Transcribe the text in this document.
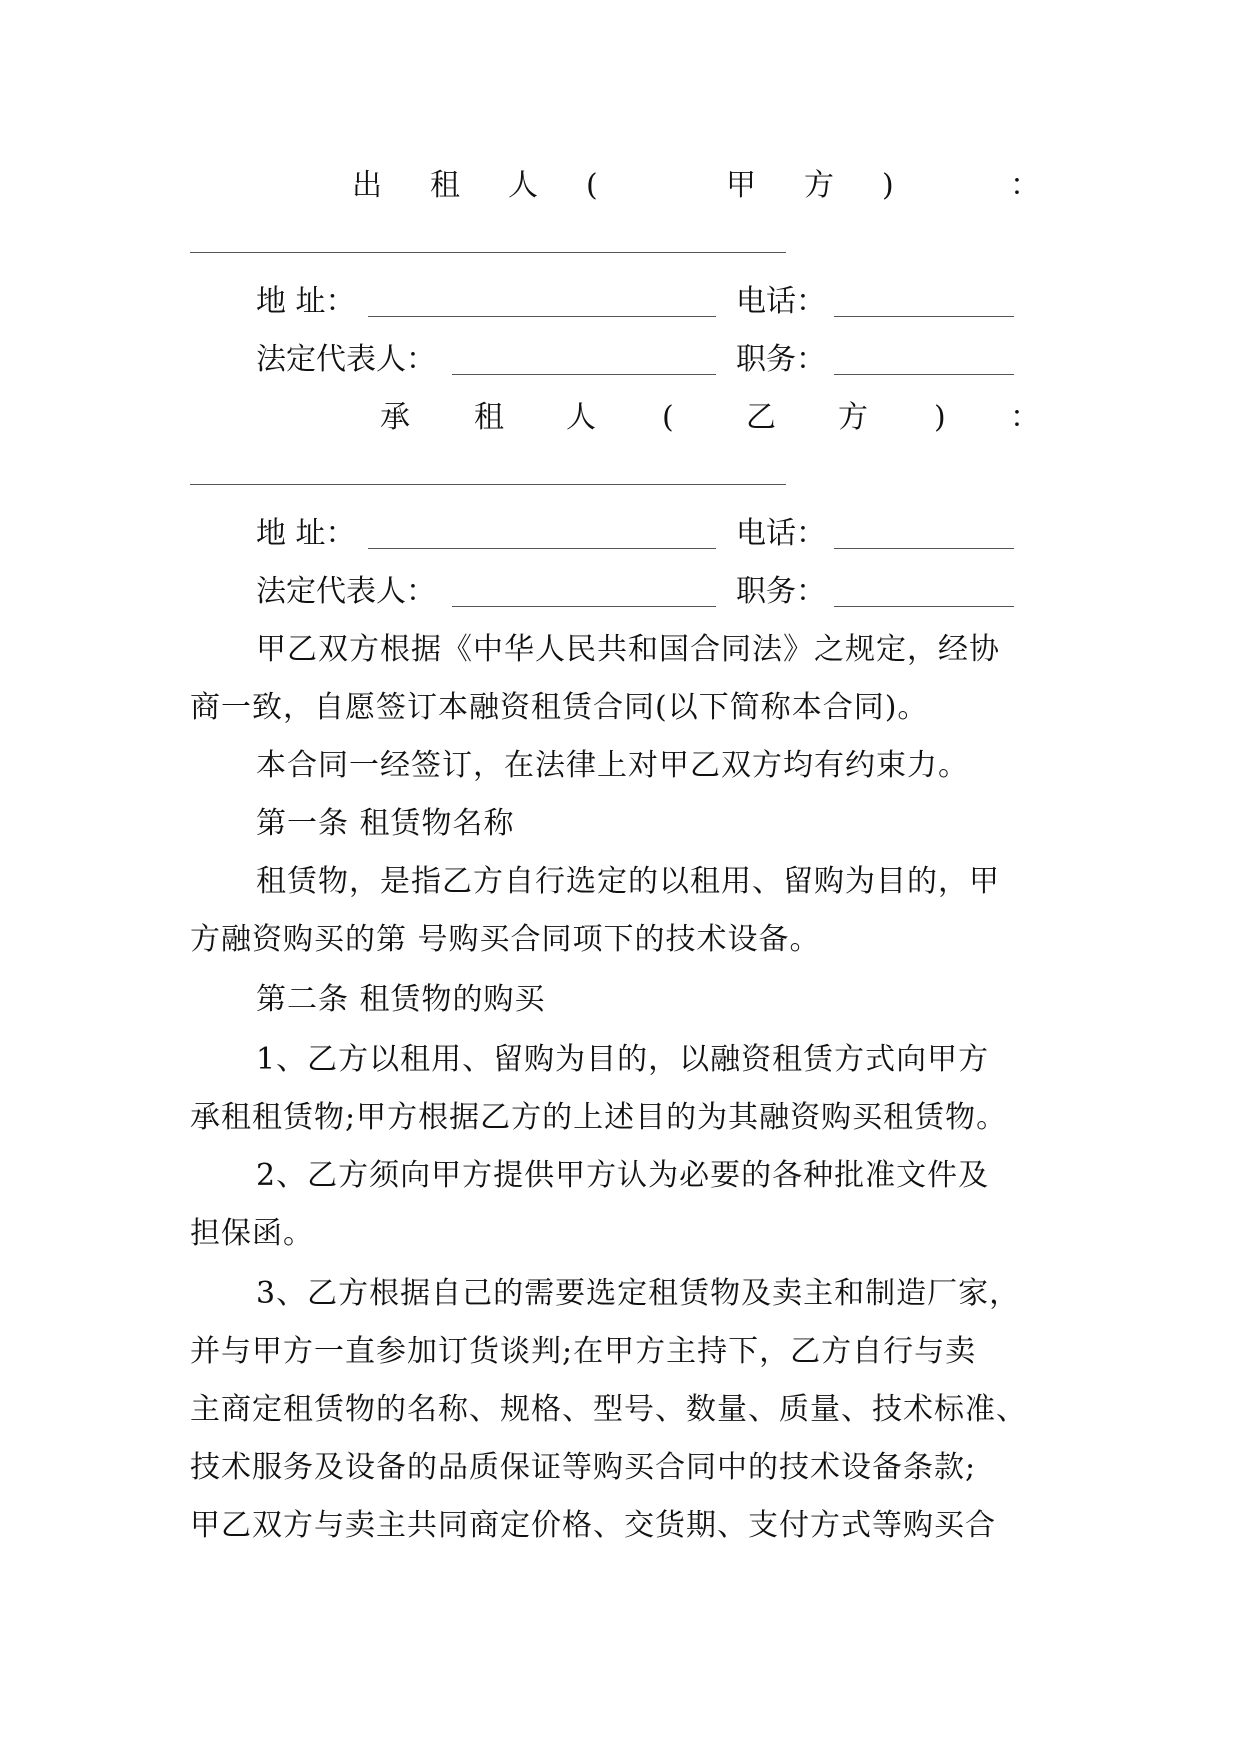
出 租 人 (	甲 方 )	：
地 址：	电话：
法定代表人：	职务：
承 租 人 ( 乙 方 ) ：
地 址：	电话：
法定代表人：	职务：
甲乙双方根据《中华人民共和国合同法》之规定，经协
商一致，自愿签订本融资租赁合同(以下简称本合同)。
本合同一经签订，在法律上对甲乙双方均有约束力。
第一条 租赁物名称
租赁物，是指乙方自行选定的以租用、留购为目的，甲
方融资购买的第 号购买合同项下的技术设备。
第二条 租赁物的购买
1、乙方以租用、留购为目的，以融资租赁方式向甲方
承租租赁物;甲方根据乙方的上述目的为其融资购买租赁物。
2、乙方须向甲方提供甲方认为必要的各种批准文件及
担保函。
3、乙方根据自己的需要选定租赁物及卖主和制造厂家，
并与甲方一直参加订货谈判;在甲方主持下，乙方自行与卖
主商定租赁物的名称、规格、型号、数量、质量、技术标准、
技术服务及设备的品质保证等购买合同中的技术设备条款;
甲乙双方与卖主共同商定价格、交货期、支付方式等购买合
